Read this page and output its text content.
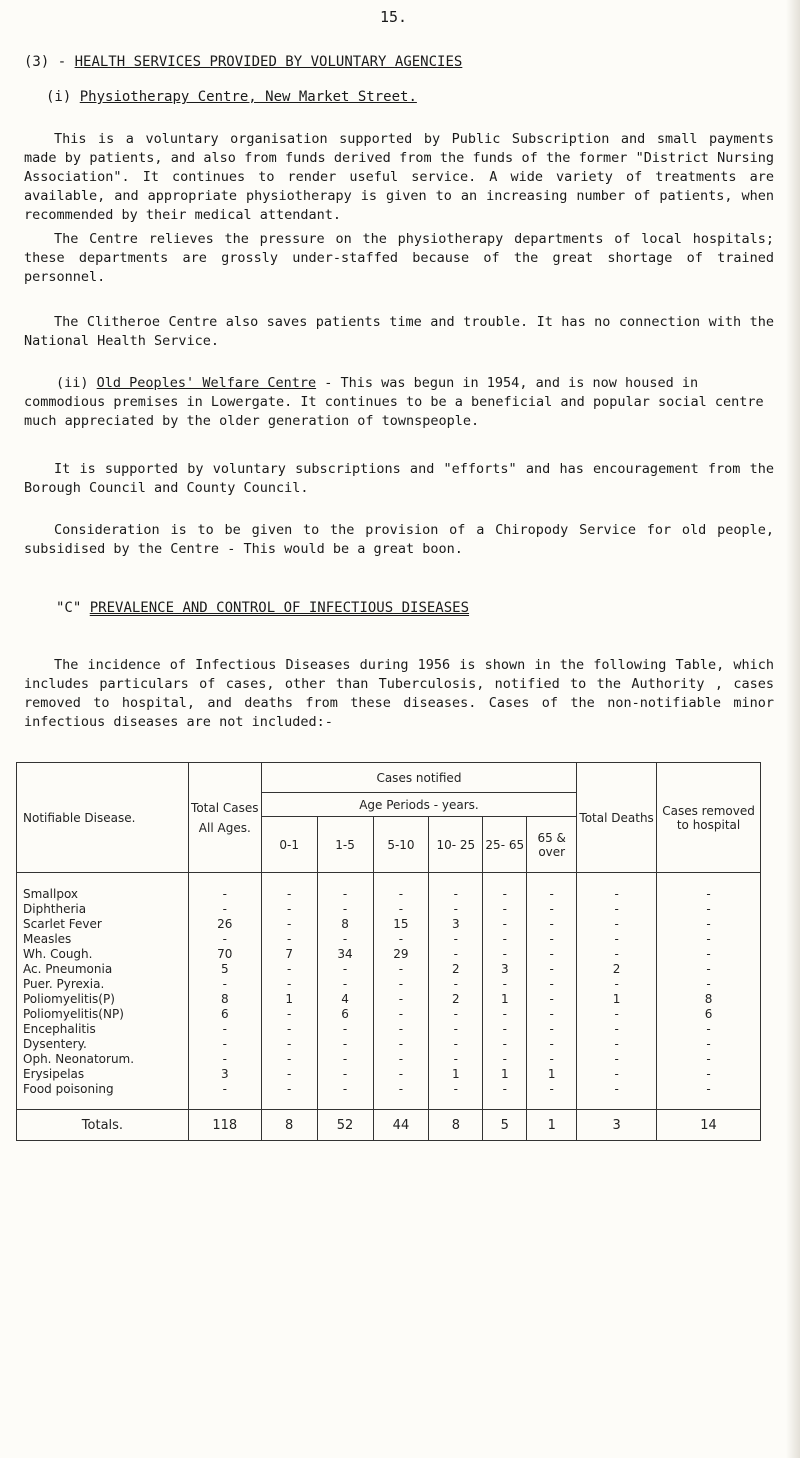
15.
(3) - HEALTH SERVICES PROVIDED BY VOLUNTARY AGENCIES
(i) Physiotherapy Centre, New Market Street.

This is a voluntary organisation supported by Public Subscription and small payments made by patients, and also from funds derived from the funds of the former "District Nursing Association". It continues to render useful service. A wide variety of treatments are available, and appropriate physiotherapy is given to an increasing number of patients, when recommended by their medical attendant.

The Centre relieves the pressure on the physiotherapy departments of local hospitals; these departments are grossly under-staffed because of the great shortage of trained personnel.

The Clitheroe Centre also saves patients time and trouble. It has no connection with the National Health Service.

(ii) Old Peoples' Welfare Centre - This was begun in 1954, and is now housed in commodious premises in Lowergate. It continues to be a beneficial and popular social centre much appreciated by the older generation of townspeople.

It is supported by voluntary subscriptions and "efforts" and has encouragement from the Borough Council and County Council.

Consideration is to be given to the provision of a Chiropody Service for old people, subsidised by the Centre - This would be a great boon.

"C" PREVALENCE AND CONTROL OF INFECTIOUS DISEASES

The incidence of Infectious Diseases during 1956 is shown in the following Table, which includes particulars of cases, other than Tuberculosis, notified to the Authority , cases removed to hospital, and deaths from these diseases. Cases of the non-notifiable minor infectious diseases are not included:-

Notifiable Disease.	Total Cases
All Ages.	Cases notified						Total Deaths	Cases removed to hospital
		Age Periods - years.							
		0-1	1-5	5-10	10- 25	25- 65	65 & over		
Smallpox	-	-	-	-	-	-	-	-	-
Diphtheria	-	-	-	-	-	-	-	-	-
Scarlet Fever	26	-	8	15	3	-	-	-	-
Measles	-	-	-	-	-	-	-	-	-
Wh. Cough.	70	7	34	29	-	-	-	-	-
Ac. Pneumonia	5	-	-	-	2	3	-	2	-
Puer. Pyrexia.	-	-	-	-	-	-	-	-	-
Poliomyelitis(P)	8	1	4	-	2	1	-	1	8
Poliomyelitis(NP)	6	-	6	-	-	-	-	-	6
Encephalitis	-	-	-	-	-	-	-	-	-
Dysentery.	-	-	-	-	-	-	-	-	-
Oph. Neonatorum.	-	-	-	-	-	-	-	-	-
Erysipelas	3	-	-	-	1	1	1	-	-
Food poisoning	-	-	-	-	-	-	-	-	-
Totals.	118	8	52	44	8	5	1	3	14
